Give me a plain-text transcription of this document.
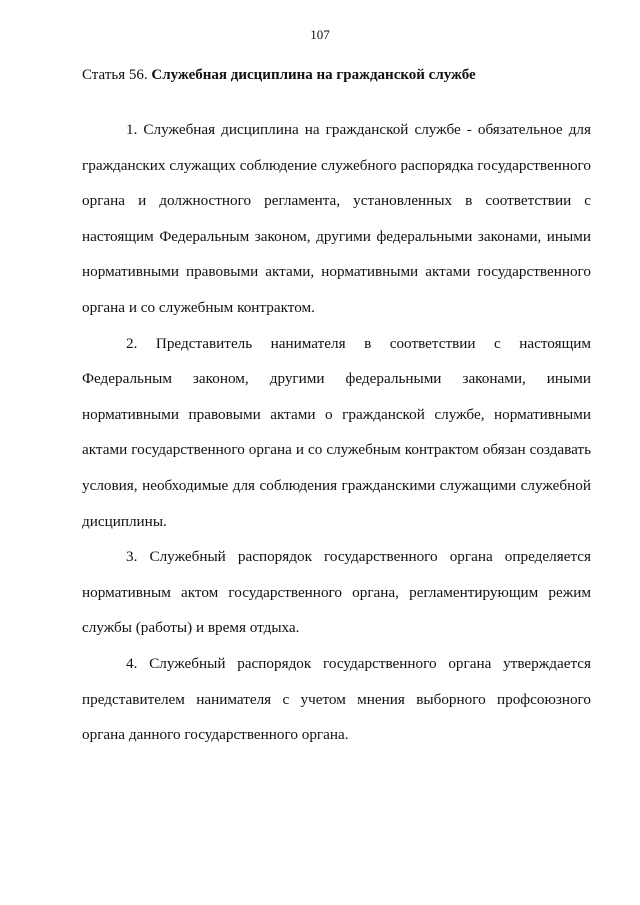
107
Статья 56. Служебная дисциплина на гражданской службе

1. Служебная дисциплина на гражданской службе - обязательное для гражданских служащих соблюдение служебного распорядка государственного органа и должностного регламента, установленных в соответствии с настоящим Федеральным законом, другими федеральными законами, иными нормативными правовыми актами, нормативными актами государственного органа и со служебным контрактом.

2. Представитель нанимателя в соответствии с настоящим Федеральным законом, другими федеральными законами, иными нормативными правовыми актами о гражданской службе, нормативными актами государственного органа и со служебным контрактом обязан создавать условия, необходимые для соблюдения гражданскими служащими служебной дисциплины.

3. Служебный распорядок государственного органа определяется нормативным актом государственного органа, регламентирующим режим службы (работы) и время отдыха.

4. Служебный распорядок государственного органа утверждается представителем нанимателя с учетом мнения выборного профсоюзного органа данного государственного органа.
